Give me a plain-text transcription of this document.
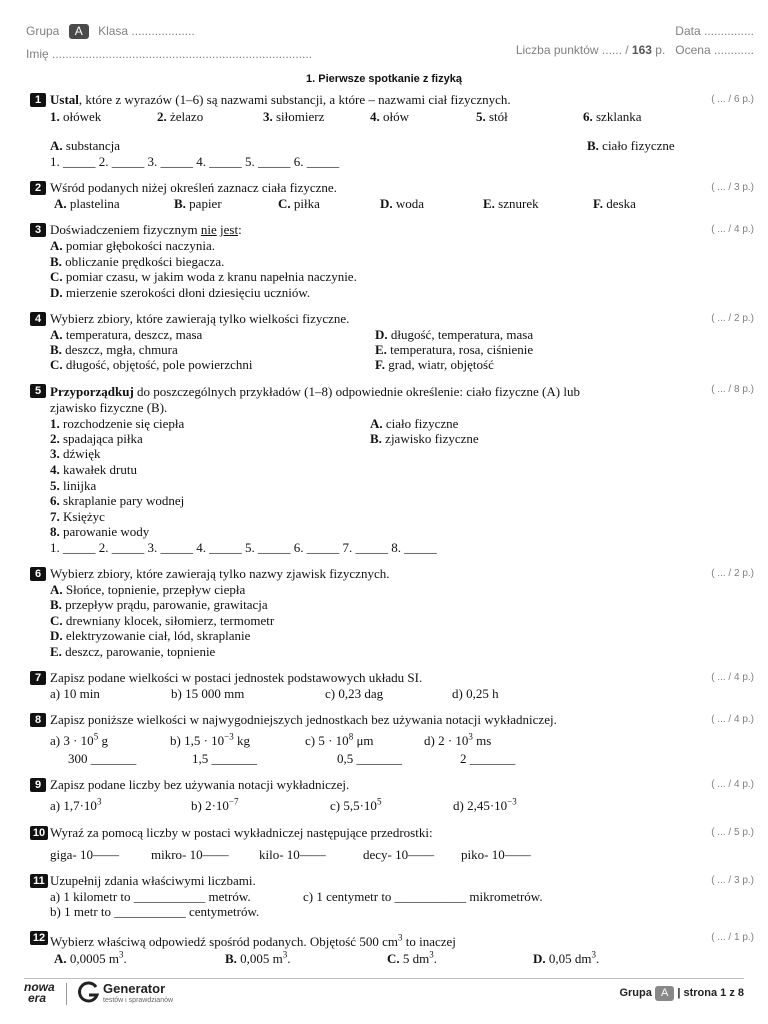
Grupa A Klasa ...................
Imię ..............................................................................
Data ...............
Liczba punktów ...... / 163 p. Ocena ............
1. Pierwsze spotkanie z fizyką
1 Ustal, które z wyrazów (1–6) są nazwami substancji, a które – nazwami ciał fizycznych.	( ... / 6 p.)
1. ołówek	2. żelazo	3. siłomierz	4. ołów	5. stół	6. szklanka
A. substancja	B. ciało fizyczne
1. _____ 2. _____ 3. _____ 4. _____ 5. _____ 6. _____
2 Wśród podanych niżej określeń zaznacz ciała fizyczne.	( ... / 3 p.)
A. plastelina	B. papier	C. piłka	D. woda	E. sznurek	F. deska
3 Doświadczeniem fizycznym nie jest:	( ... / 4 p.)
A. pomiar głębokości naczynia.
B. obliczanie prędkości biegacza.
C. pomiar czasu, w jakim woda z kranu napełnia naczynie.
D. mierzenie szerokości dłoni dziesięciu uczniów.
4 Wybierz zbiory, które zawierają tylko wielkości fizyczne.	( ... / 2 p.)
A. temperatura, deszcz, masa
B. deszcz, mgła, chmura
C. długość, objętość, pole powierzchni
D. długość, temperatura, masa
E. temperatura, rosa, ciśnienie
F. grad, wiatr, objętość
5 Przyporządkuj do poszczególnych przykładów (1–8) odpowiednie określenie: ciało fizyczne (A) lub
zjawisko fizyczne (B).
( ... / 8 p.)
1. rozchodzenie się ciepła
2. spadająca piłka
3. dźwięk
4. kawałek drutu
5. linijka
6. skraplanie pary wodnej
7. Księżyc
8. parowanie wody
A. ciało fizyczne
B. zjawisko fizyczne
1. _____ 2. _____ 3. _____ 4. _____ 5. _____ 6. _____ 7. _____ 8. _____
6 Wybierz zbiory, które zawierają tylko nazwy zjawisk fizycznych.	( ... / 2 p.)
A. Słońce, topnienie, przepływ ciepła
B. przepływ prądu, parowanie, grawitacja
C. drewniany klocek, siłomierz, termometr
D. elektryzowanie ciał, lód, skraplanie
E. deszcz, parowanie, topnienie
7 Zapisz podane wielkości w postaci jednostek podstawowych układu SI.	( ... / 4 p.)
a) 10 min	b) 15 000 mm	c) 0,23 dag	d) 0,25 h
8 Zapisz poniższe wielkości w najwygodniejszych jednostkach bez używania notacji wykładniczej.	( ... / 4 p.)
a) $3 \cdot 10^5$ g	b) $1,5 \cdot 10^{-3}$ kg	c) $5 \cdot 10^8$ μm	d) $2 \cdot 10^3$ ms
300 _______	1,5 _______	0,5 _______	2 _______
9 Zapisz podane liczby bez używania notacji wykładniczej.	( ... / 4 p.)
a) $1,7\cdot 10^3$	b) $2\cdot 10^{-7}$	c) $5,5\cdot 10^5$	d) $2,45\cdot 10^{-3}$
10 Wyraź za pomocą liczby w postaci wykładniczej następujące przedrostki:	( ... / 5 p.)
giga- 10—— mikro- 10—— kilo- 10——	decy- 10—— piko- 10——
11 Uzupełnij zdania właściwymi liczbami.	( ... / 3 p.)
a) 1 kilometr to ___________ metrów.	c) 1 centymetr to ___________ mikrometrów.
b) 1 metr to ___________ centymetrów.
12 Wybierz właściwą odpowiedź spośród podanych. Objętość 500 $cm^3$ to inaczej	( ... / 1 p.)
A. 0,0005 $m^3$.	B. 0,005 $m^3$.	C. 5 $dm^3$.	D. 0,05 $dm^3$.
nowa
era
Generator
testów i sprawdzianów
Grupa A | strona 1 z 8
